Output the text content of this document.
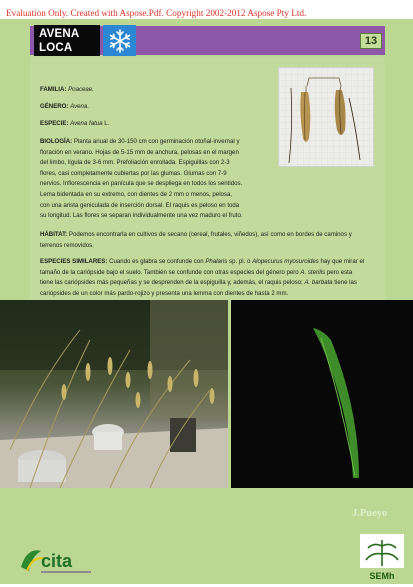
Evaluation Only. Created with Aspose.Pdf. Copyright 2002-2012 Aspose Pty Ltd.
AVENA
LOCA
13
FAMILIA: Poaceae.
GÉNERO: Avena.
ESPECIE: Avena fatua L.
BIOLOGÍA: Planta anual de 30-150 cm con germinación otoñal-invernal y
floración en verano. Hojas de 5-15 mm de anchura, pelosas en el margen
del limbo, lígula de 3-6 mm. Prefoliación enrollada. Espiguillas con 2-3
flores, casi completamente cubiertas por las glumas. Glumas con 7-9
nervios. Inflorescencia en panícula que se despliega en todos los sentidos.
Lema bidentada en su extremo, con dientes de 2 mm o menos, pelosa,
con una arista geniculada de inserción dorsal. El raquis es peloso en toda
su longitud. Las flores se separan individualmente una vez maduro el fruto.
HÁBITAT: Podemos encontrarla en cultivos de secano (cereal, frutales, viñedos), así como en bordes de caminos y
terrenos removidos.
ESPECIES SIMILARES: Cuando es glabra se confunde con Phalaris sp. pl. o Alopecurus myosuroides hay que mirar el
tamaño de la cariópside bajo el suelo. También se confunde con otras especies del género pero A. sterilis pero esta
tiene las cariópsides más pequeñas y se desprenden de la espiguilla y, además, el raquis peloso; A. barbata tiene las
cariópsides de un color más pardo-rojizo y presenta una lemma con dientes de hasta 2 mm.
J.Pueyo
cita
SEMh
